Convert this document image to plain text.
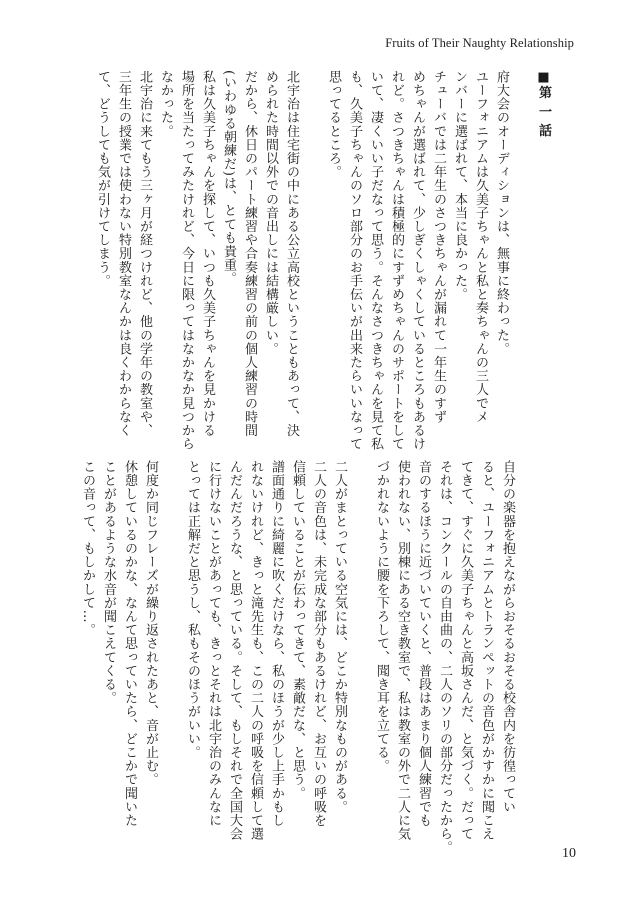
Fruits of Their Naughty Relationship

■第一話

府大会のオーディションは、無事に終わった。

ユーフォニアムは久美子ちゃんと私と奏ちゃんの三人でメ

ンバーに選ばれて、本当に良かった。

チューバでは二年生のさつきちゃんが漏れて一年生のすず

めちゃんが選ばれて、少しぎくしゃくしているところもあるけ

れど。さつきちゃんは積極的にすずめちゃんのサポートをして

いて、凄くいい子だなって思う。そんなさつきちゃんを見て私

も、久美子ちゃんのソロ部分のお手伝いが出来たらいいなって

思ってるところ。

北宇治は住宅街の中にある公立高校ということもあって、決

められた時間以外での音出しには結構厳しい。

だから、休日のパート練習や合奏練習の前の個人練習の時間

(いわゆる朝練だ)は、とても貴重。

私は久美子ちゃんを探して、いつも久美子ちゃんを見かける

場所を当たってみたけれど、今日に限ってはなかなか見つから

なかった。

北宇治に来てもう三ヶ月が経つけれど、他の学年の教室や、

三年生の授業では使わない特別教室なんかは良くわからなく

て、どうしても気が引けてしまう。

自分の楽器を抱えながらおそるおそる校舎内を彷徨ってい

ると、ユーフォニアムとトランペットの音色がかすかに聞こえ

てきて、すぐに久美子ちゃんと高坂さんだ、と気づく。だって

それは、コンクールの自由曲の、二人のソリの部分だったから。

音のするほうに近づいていくと、普段はあまり個人練習でも

使われない、別棟にある空き教室で、私は教室の外で二人に気

づかれないように腰を下ろして、聞き耳を立てる。

二人がまとっている空気には、どこか特別なものがある。

二人の音色は、未完成な部分もあるけれど、お互いの呼吸を

信頼していることが伝わってきて、素敵だな、と思う。

譜面通りに綺麗に吹くだけなら、私のほうが少し上手かもし

れないけれど、きっと滝先生も、この二人の呼吸を信頼して選

んだんだろうな、と思っている。そして、もしそれで全国大会

に行けないことがあっても、きっとそれは北宇治のみんなに

とっては正解だと思うし、私もそのほうがいい。

何度か同じフレーズが繰り返されたあと、音が止む。

休憩しているのかな、なんて思っていたら、どこかで聞いた

ことがあるような水音が聞こえてくる。

この音って、もしかして…。

10
